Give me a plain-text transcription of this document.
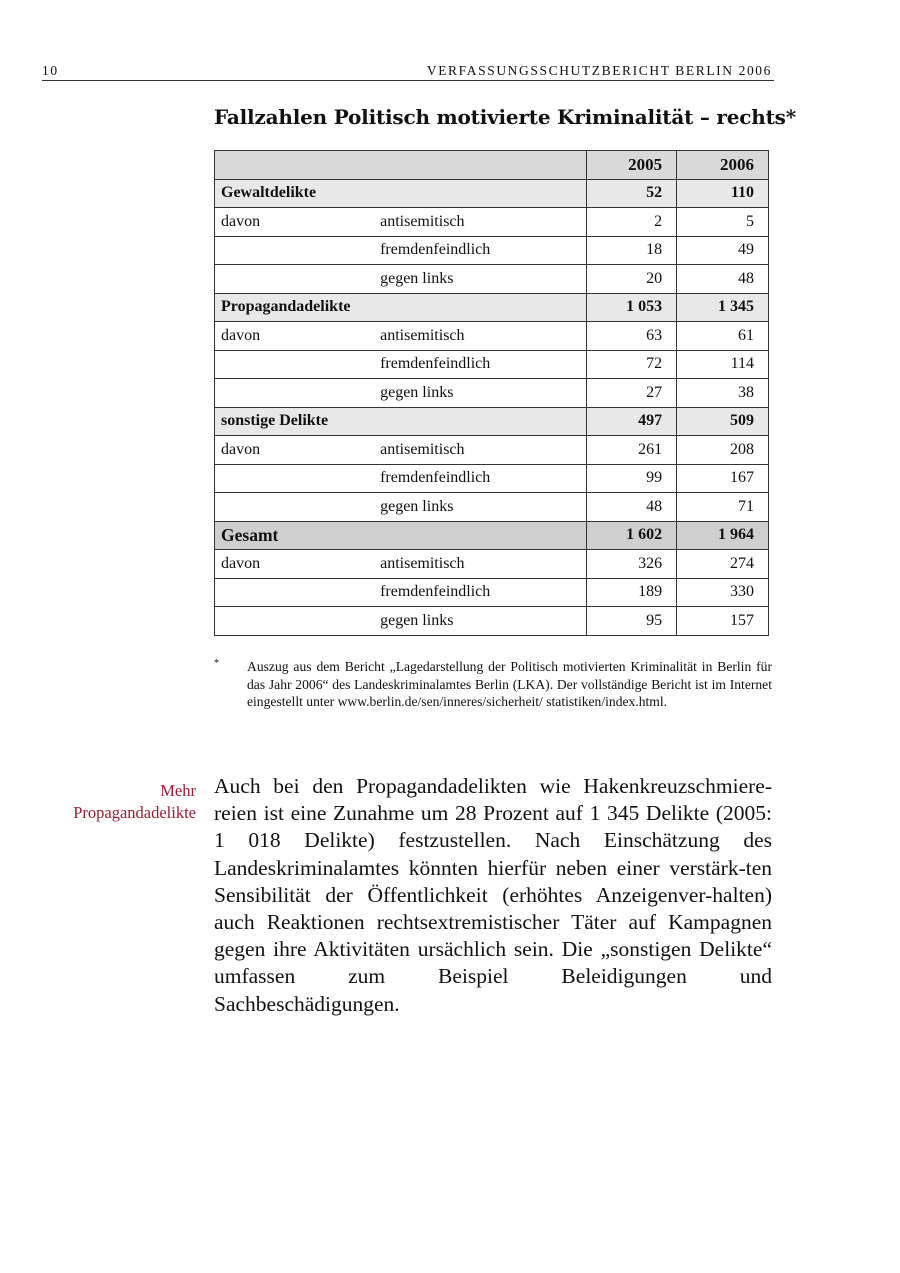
10	VERFASSUNGSSCHUTZBERICHT BERLIN 2006
Fallzahlen Politisch motivierte Kriminalität – rechts*
		2005	2006
Gewaltdelikte		52	110
davon	antisemitisch	2	5
	fremdenfeindlich	18	49
	gegen links	20	48
Propagandadelikte		1 053	1 345
davon	antisemitisch	63	61
	fremdenfeindlich	72	114
	gegen links	27	38
sonstige Delikte		497	509
davon	antisemitisch	261	208
	fremdenfeindlich	99	167
	gegen links	48	71
Gesamt		1 602	1 964
davon	antisemitisch	326	274
	fremdenfeindlich	189	330
	gegen links	95	157
* Auszug aus dem Bericht „Lagedarstellung der Politisch motivierten Kriminalität in Berlin für das Jahr 2006“ des Landeskriminalamtes Berlin (LKA). Der vollständige Bericht ist im Internet eingestellt unter www.berlin.de/sen/inneres/sicherheit/ statistiken/index.html.
Mehr
Propagandadelikte
Auch bei den Propagandadelikten wie Hakenkreuzschmiere-reien ist eine Zunahme um 28 Prozent auf 1 345 Delikte (2005: 1 018 Delikte) festzustellen. Nach Einschätzung des Landeskriminalamtes könnten hierfür neben einer verstärk-ten Sensibilität der Öffentlichkeit (erhöhtes Anzeigenver-halten) auch Reaktionen rechtsextremistischer Täter auf Kampagnen gegen ihre Aktivitäten ursächlich sein. Die „sonstigen Delikte“ umfassen zum Beispiel Beleidigungen und Sachbeschädigungen.
